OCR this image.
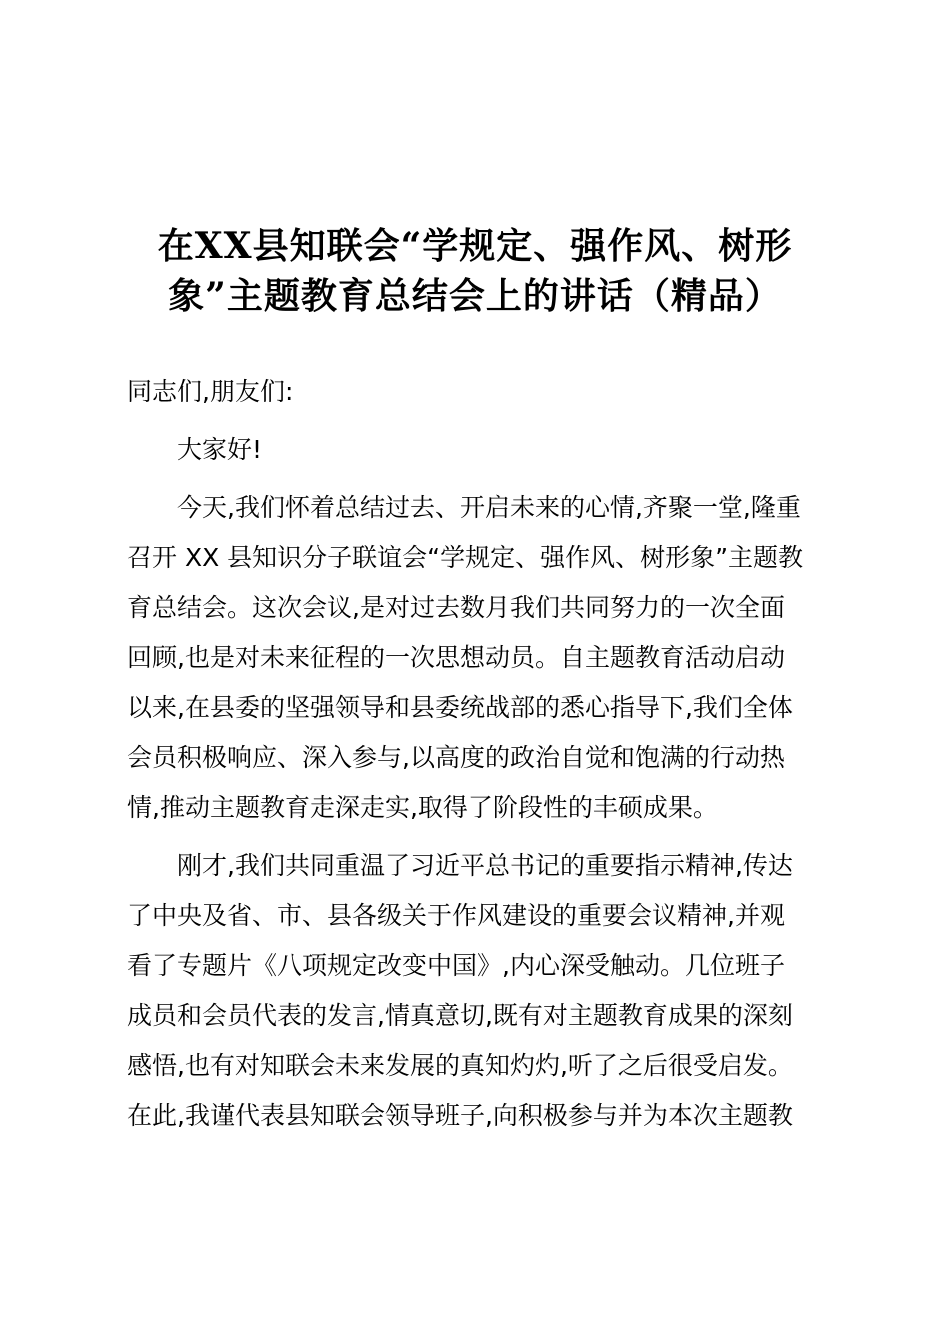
在XX县知联会“学规定、强作风、树形
象”主题教育总结会上的讲话（精品）

同志们,朋友们:

大家好!

今天,我们怀着总结过去、开启未来的心情,齐聚一堂,隆重
召开 XX 县知识分子联谊会“学规定、强作风、树形象”主题教
育总结会。这次会议,是对过去数月我们共同努力的一次全面
回顾,也是对未来征程的一次思想动员。自主题教育活动启动
以来,在县委的坚强领导和县委统战部的悉心指导下,我们全体
会员积极响应、深入参与,以高度的政治自觉和饱满的行动热
情,推动主题教育走深走实,取得了阶段性的丰硕成果。

刚才,我们共同重温了习近平总书记的重要指示精神,传达
了中央及省、市、县各级关于作风建设的重要会议精神,并观
看了专题片《八项规定改变中国》,内心深受触动。几位班子
成员和会员代表的发言,情真意切,既有对主题教育成果的深刻
感悟,也有对知联会未来发展的真知灼灼,听了之后很受启发。
在此,我谨代表县知联会领导班子,向积极参与并为本次主题教
